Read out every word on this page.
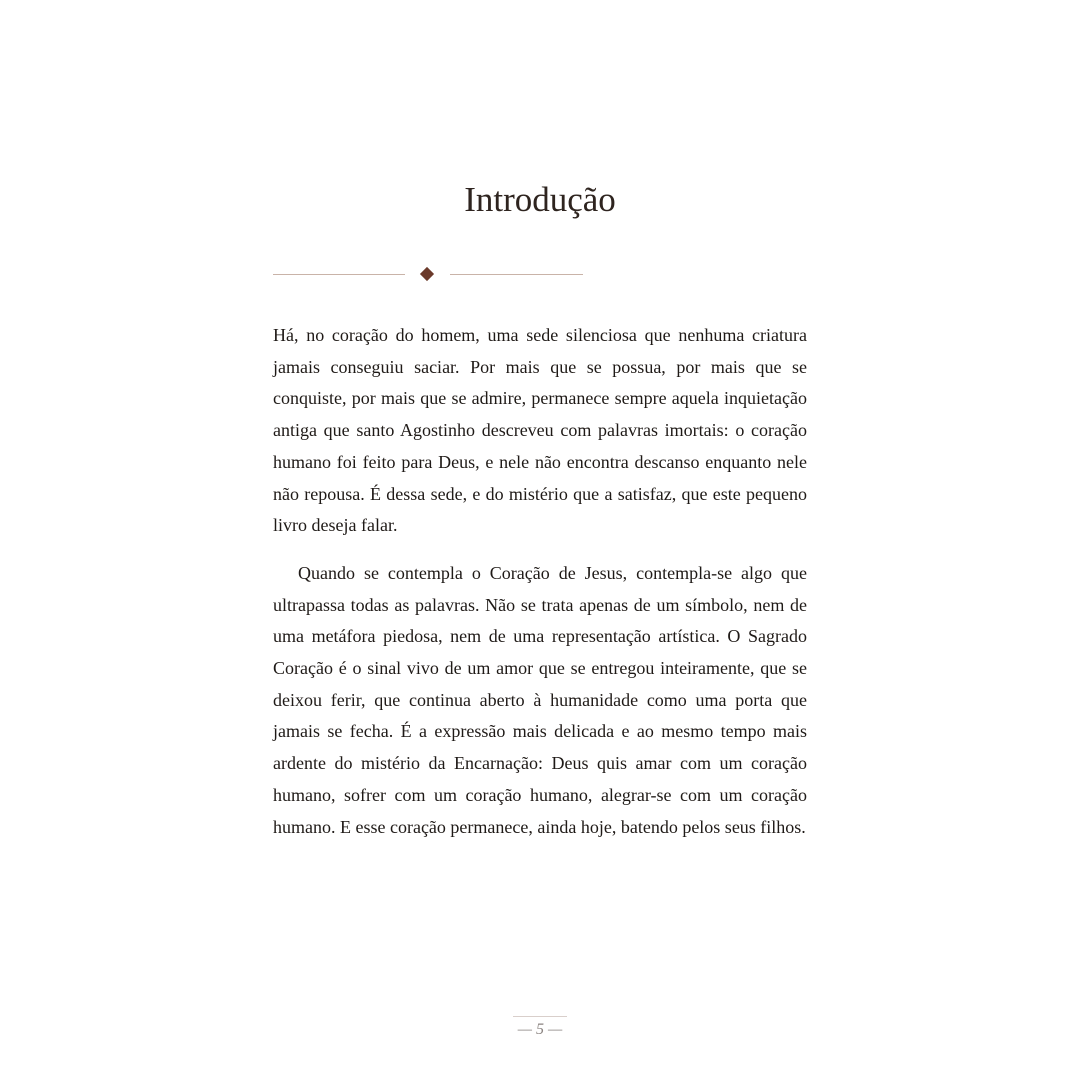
Introdução

Há, no coração do homem, uma sede silenciosa que nenhuma criatura jamais conseguiu saciar. Por mais que se possua, por mais que se conquiste, por mais que se admire, permanece sempre aquela inquietação antiga que santo Agostinho descreveu com palavras imortais: o coração humano foi feito para Deus, e nele não encontra descanso enquanto nele não repousa. É dessa sede, e do mistério que a satisfaz, que este pequeno livro deseja falar.

Quando se contempla o Coração de Jesus, contempla-se algo que ultrapassa todas as palavras. Não se trata apenas de um símbolo, nem de uma metáfora piedosa, nem de uma representação artística. O Sagrado Coração é o sinal vivo de um amor que se entregou inteiramente, que se deixou ferir, que continua aberto à humanidade como uma porta que jamais se fecha. É a expressão mais delicada e ao mesmo tempo mais ardente do mistério da Encarnação: Deus quis amar com um coração humano, sofrer com um coração humano, alegrar-se com um coração humano. E esse coração permanece, ainda hoje, batendo pelos seus filhos.

— 5 —
